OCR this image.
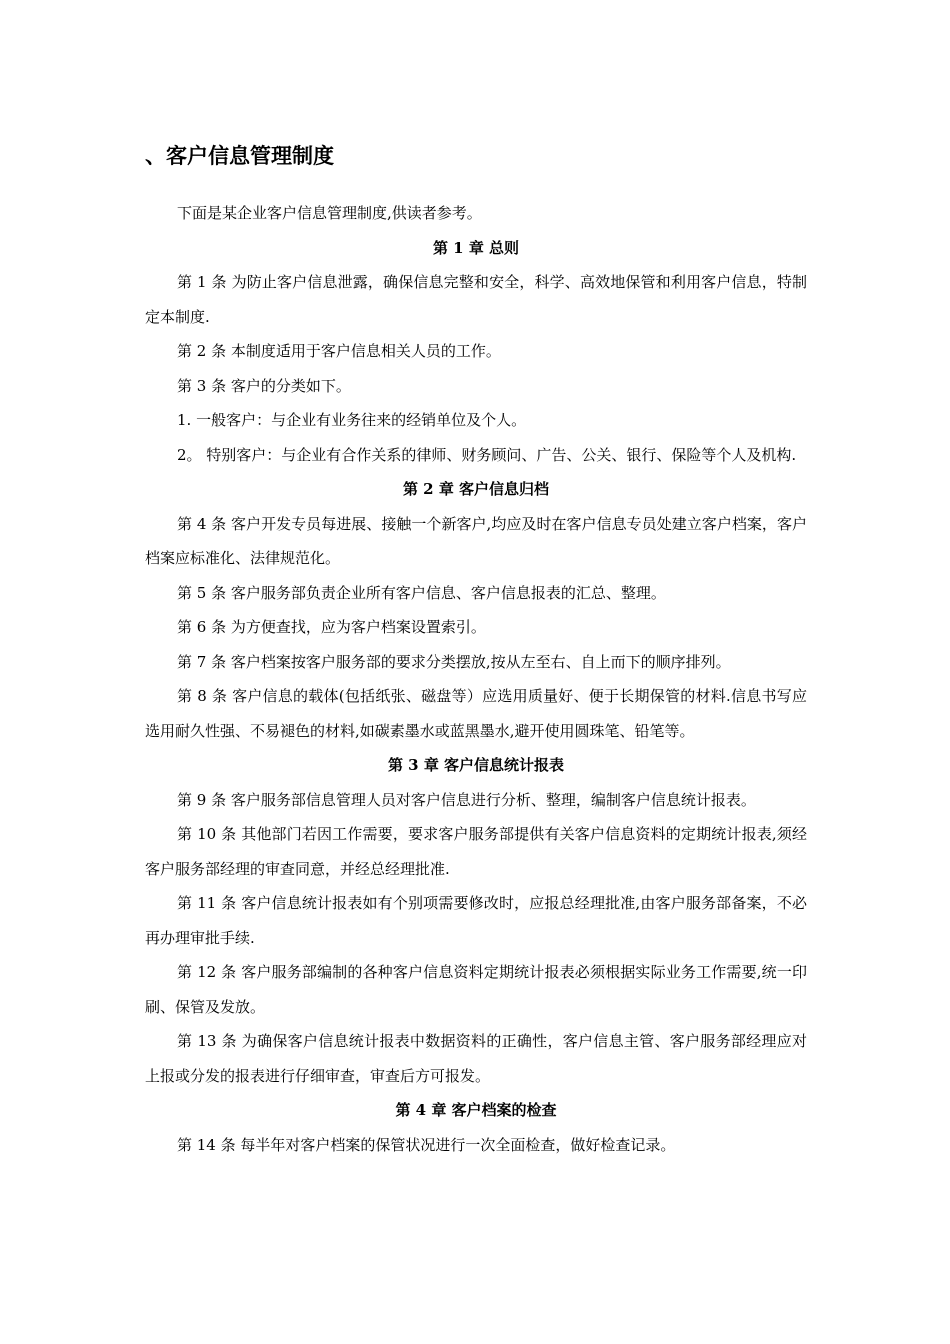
、客户信息管理制度

下面是某企业客户信息管理制度,供读者参考。

第 1 章 总则

第 1 条 为防止客户信息泄露，确保信息完整和安全，科学、高效地保管和利用客户信息，特制定本制度.

第 2 条 本制度适用于客户信息相关人员的工作。

第 3 条 客户的分类如下。

1. 一般客户：与企业有业务往来的经销单位及个人。

2。 特别客户：与企业有合作关系的律师、财务顾问、广告、公关、银行、保险等个人及机构.

第 2 章 客户信息归档

第 4 条 客户开发专员每进展、接触一个新客户,均应及时在客户信息专员处建立客户档案，客户档案应标准化、法律规范化。

第 5 条 客户服务部负责企业所有客户信息、客户信息报表的汇总、整理。

第 6 条 为方便查找，应为客户档案设置索引。

第 7 条 客户档案按客户服务部的要求分类摆放,按从左至右、自上而下的顺序排列。

第 8 条 客户信息的载体(包括纸张、磁盘等）应选用质量好、便于长期保管的材料.信息书写应选用耐久性强、不易褪色的材料,如碳素墨水或蓝黑墨水,避开使用圆珠笔、铅笔等。

第 3 章 客户信息统计报表

第 9 条 客户服务部信息管理人员对客户信息进行分析、整理，编制客户信息统计报表。

第 10 条 其他部门若因工作需要，要求客户服务部提供有关客户信息资料的定期统计报表,须经客户服务部经理的审查同意，并经总经理批准.

第 11 条 客户信息统计报表如有个别项需要修改时，应报总经理批准,由客户服务部备案，不必再办理审批手续.

第 12 条 客户服务部编制的各种客户信息资料定期统计报表必须根据实际业务工作需要,统一印刷、保管及发放。

第 13 条 为确保客户信息统计报表中数据资料的正确性，客户信息主管、客户服务部经理应对上报或分发的报表进行仔细审查，审查后方可报发。

第 4 章 客户档案的检查

第 14 条 每半年对客户档案的保管状况进行一次全面检查，做好检查记录。
